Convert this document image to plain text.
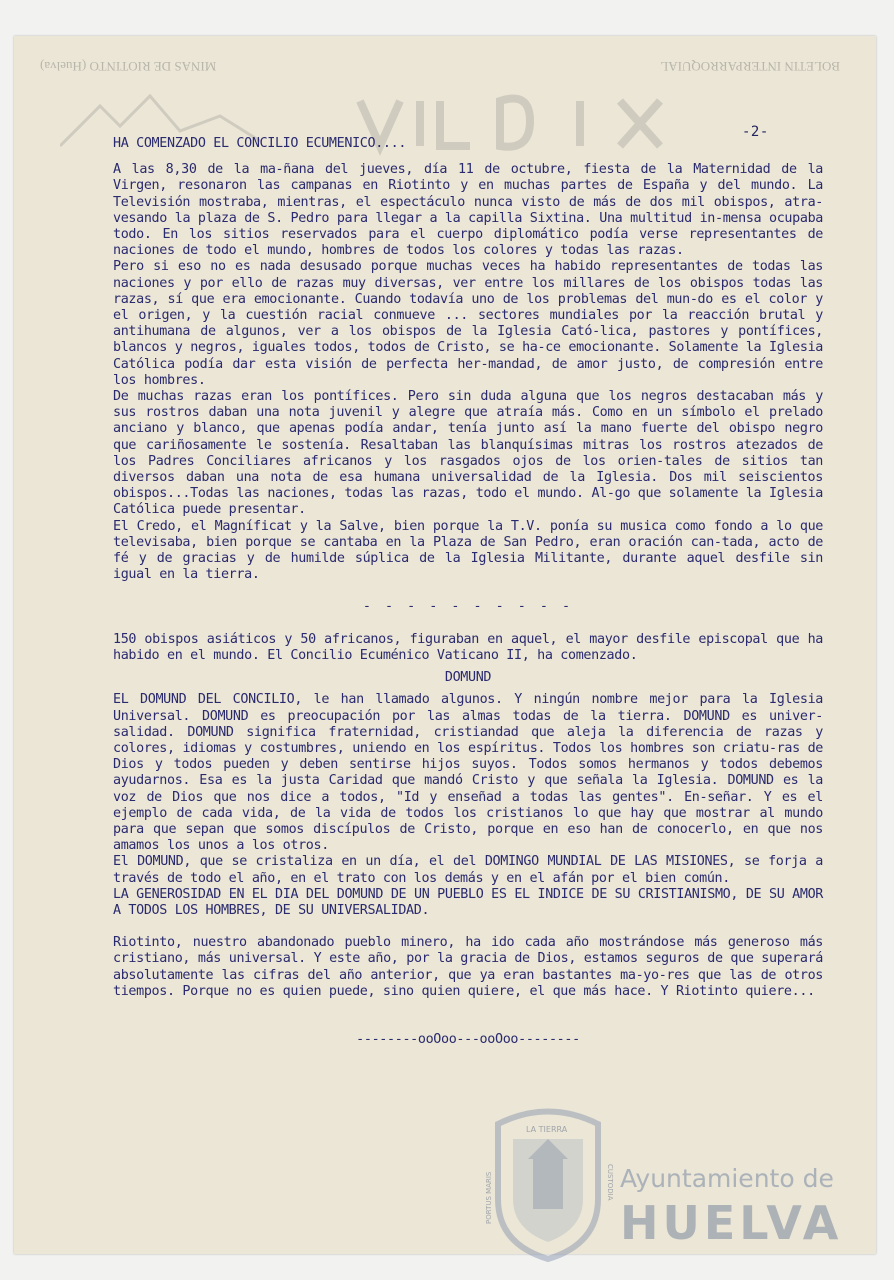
BOLETIN INTERPARROQUIAL
MINAS DE RIOTINTO (Huelva)
-2-

HA COMENZADO EL CONCILIO ECUMENICO....

A las 8,30 de la ma-ñana del jueves, día 11 de octubre, fiesta de la Maternidad de la Virgen, resonaron las campanas en Riotinto y en muchas partes de España y del mundo. La Televisión mostraba, mientras, el espectáculo nunca visto de más de dos mil obispos, atra-vesando la plaza de S. Pedro para llegar a la capilla Sixtina. Una multitud in-mensa ocupaba todo. En los sitios reservados para el cuerpo diplomático podía verse representantes de naciones de todo el mundo, hombres de todos los colores y todas las razas.

Pero si eso no es nada desusado porque muchas veces ha habido representantes de todas las naciones y por ello de razas muy diversas, ver entre los millares de los obispos todas las razas, sí que era emocionante. Cuando todavía uno de los problemas del mun-do es el color y el origen, y la cuestión racial conmueve ... sectores mundiales por la reacción brutal y antihumana de algunos, ver a los obispos de la Iglesia Cató-lica, pastores y pontífices, blancos y negros, iguales todos, todos de Cristo, se ha-ce emocionante. Solamente la Iglesia Católica podía dar esta visión de perfecta her-mandad, de amor justo, de compresión entre los hombres.

De muchas razas eran los pontífices. Pero sin duda alguna que los negros destacaban más y sus rostros daban una nota juvenil y alegre que atraía más. Como en un símbolo el prelado anciano y blanco, que apenas podía andar, tenía junto así la mano fuerte del obispo negro que cariñosamente le sostenía. Resaltaban las blanquísimas mitras los rostros atezados de los Padres Conciliares africanos y los rasgados ojos de los orien-tales de sitios tan diversos daban una nota de esa humana universalidad de la Iglesia. Dos mil seiscientos obispos...Todas las naciones, todas las razas, todo el mundo. Al-go que solamente la Iglesia Católica puede presentar.

El Credo, el Magníficat y la Salve, bien porque la T.V. ponía su musica como fondo a lo que televisaba, bien porque se cantaba en la Plaza de San Pedro, eran oración can-tada, acto de fé y de gracias y de humilde súplica de la Iglesia Militante, durante aquel desfile sin igual en la tierra.

- - - - - - - - - -

150 obispos asiáticos y 50 africanos, figuraban en aquel, el mayor desfile episcopal que ha habido en el mundo. El Concilio Ecuménico Vaticano II, ha comenzado.

DOMUND

EL DOMUND DEL CONCILIO, le han llamado algunos. Y ningún nombre mejor para la Iglesia Universal. DOMUND es preocupación por las almas todas de la tierra. DOMUND es univer-salidad. DOMUND significa fraternidad, cristiandad que aleja la diferencia de razas y colores, idiomas y costumbres, uniendo en los espíritus. Todos los hombres son criatu-ras de Dios y todos pueden y deben sentirse hijos suyos. Todos somos hermanos y todos debemos ayudarnos. Esa es la justa Caridad que mandó Cristo y que señala la Iglesia. DOMUND es la voz de Dios que nos dice a todos, "Id y enseñad a todas las gentes". En-señar. Y es el ejemplo de cada vida, de la vida de todos los cristianos lo que hay que mostrar al mundo para que sepan que somos discípulos de Cristo, porque en eso han de conocerlo, en que nos amamos los unos a los otros.

El DOMUND, que se cristaliza en un día, el del DOMINGO MUNDIAL DE LAS MISIONES, se forja a través de todo el año, en el trato con los demás y en el afán por el bien común.

LA GENEROSIDAD EN EL DIA DEL DOMUND DE UN PUEBLO ES EL INDICE DE SU CRISTIANISMO, DE SU AMOR A TODOS LOS HOMBRES, DE SU UNIVERSALIDAD.

Riotinto, nuestro abandonado pueblo minero, ha ido cada año mostrándose más generoso más cristiano, más universal. Y este año, por la gracia de Dios, estamos seguros de que superará absolutamente las cifras del año anterior, que ya eran bastantes ma-yo-res que las de otros tiempos. Porque no es quien puede, sino quien quiere, el que más hace. Y Riotinto quiere...

--------ooOoo---ooOoo--------

LA TIERRA
PORTUS MARIS	CUSTODIA Ayuntamiento de
HUELVA
